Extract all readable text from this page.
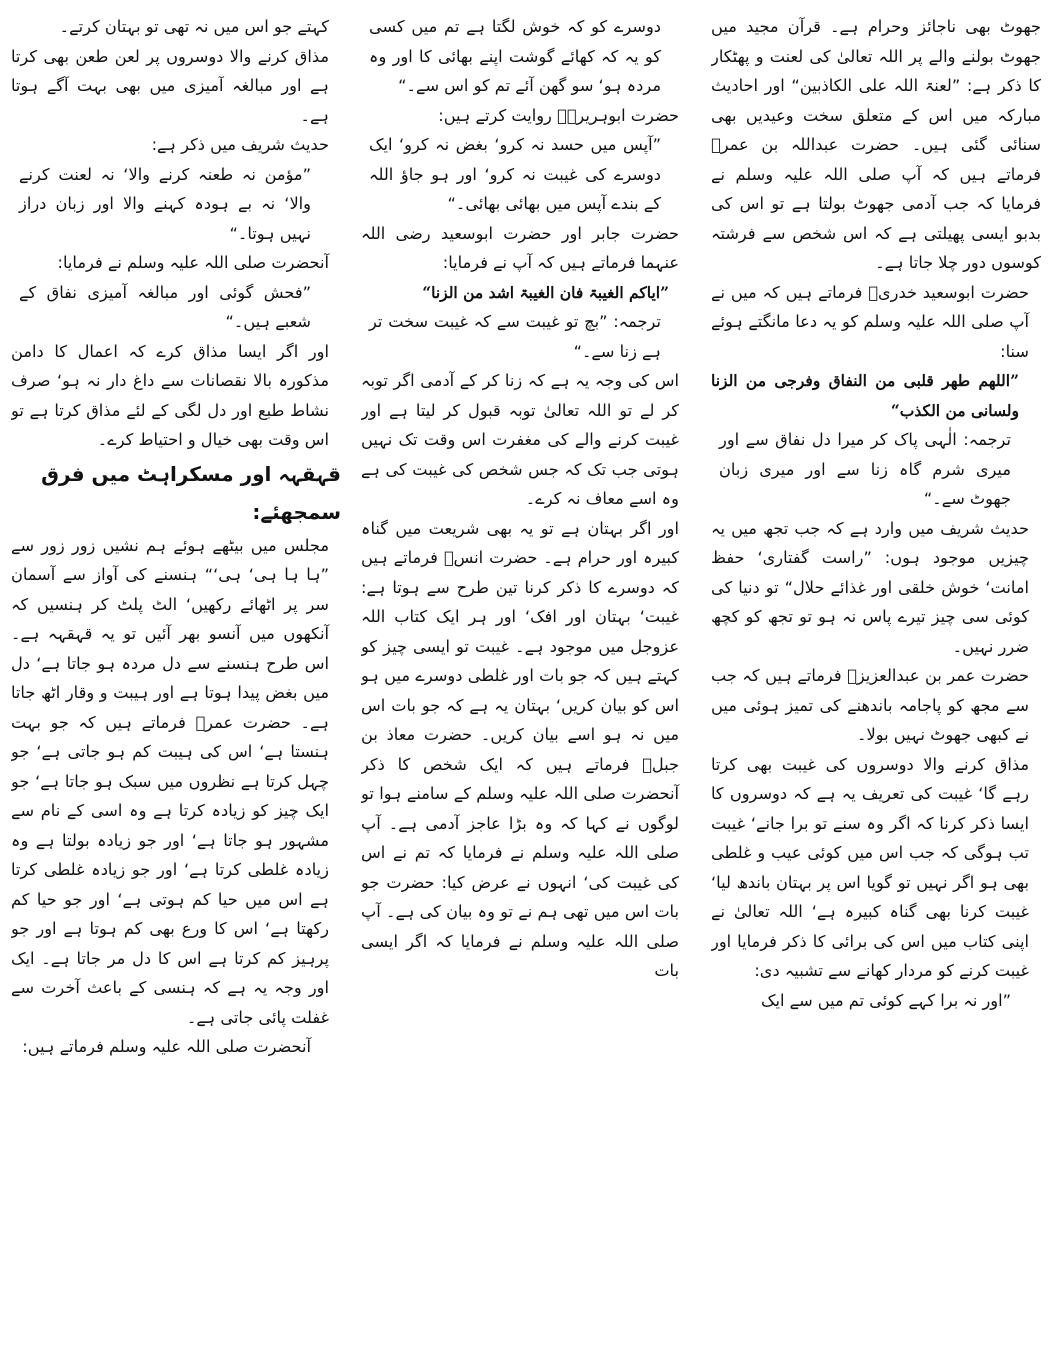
جھوٹ بھی ناجائز وحرام ہے۔ قرآن مجید میں جھوٹ بولنے والے پر اللہ تعالیٰ کی لعنت و پھٹکار کا ذکر ہے: ”لعنۃ اللہ علی الکاذبین“ اور احادیث مبارکہ میں اس کے متعلق سخت وعیدیں بھی سنائی گئی ہیں۔ حضرت عبداللہ بن عمرؓ فرماتے ہیں کہ آپ صلی اللہ علیہ وسلم نے فرمایا کہ جب آدمی جھوٹ بولتا ہے تو اس کی بدبو ایسی پھیلتی ہے کہ اس شخص سے فرشتہ کوسوں دور چلا جاتا ہے۔

حضرت ابوسعید خدریؓ فرماتے ہیں کہ میں نے آپ صلی اللہ علیہ وسلم کو یہ دعا مانگتے ہوئے سنا:

”اللھم طھر قلبی من النفاق وفرجی من الزنا ولسانی من الکذب“

ترجمہ: الٰہی پاک کر میرا دل نفاق سے اور میری شرم گاہ زنا سے اور میری زبان جھوٹ سے۔“

حدیث شریف میں وارد ہے کہ جب تجھ میں یہ چیزیں موجود ہوں: ”راست گفتاری‘ حفظ امانت‘ خوش خلقی اور غذائے حلال“ تو دنیا کی کوئی سی چیز تیرے پاس نہ ہو تو تجھ کو کچھ ضرر نہیں۔

حضرت عمر بن عبدالعزیزؒ فرماتے ہیں کہ جب سے مجھ کو پاجامہ باندھنے کی تمیز ہوئی میں نے کبھی جھوٹ نہیں بولا۔

مذاق کرنے والا دوسروں کی غیبت بھی کرتا رہے گا‘ غیبت کی تعریف یہ ہے کہ دوسروں کا ایسا ذکر کرنا کہ اگر وہ سنے تو برا جانے‘ غیبت تب ہوگی کہ جب اس میں کوئی عیب و غلطی بھی ہو اگر نہیں تو گویا اس پر بہتان باندھ لیا‘ غیبت کرنا بھی گناہ کبیرہ ہے‘ اللہ تعالیٰ نے اپنی کتاب میں اس کی برائی کا ذکر فرمایا اور غیبت کرنے کو مردار کھانے سے تشبیہ دی:

”اور نہ برا کہے کوئی تم میں سے ایک

دوسرے کو کہ خوش لگتا ہے تم میں کسی کو یہ کہ کھائے گوشت اپنے بھائی کا اور وہ مردہ ہو‘ سو گھن آئے تم کو اس سے۔“

حضرت ابوہریرہؓ روایت کرتے ہیں:

”آپس میں حسد نہ کرو‘ بغض نہ کرو‘ ایک دوسرے کی غیبت نہ کرو‘ اور ہو جاؤ اللہ کے بندے آپس میں بھائی بھائی۔“

حضرت جابر اور حضرت ابوسعید رضی اللہ عنہما فرماتے ہیں کہ آپ نے فرمایا:

”ایاکم الغیبۃ فان الغیبۃ اشد من الزنا“

ترجمہ: ”بچ تو غیبت سے کہ غیبت سخت تر ہے زنا سے۔“

اس کی وجہ یہ ہے کہ زنا کر کے آدمی اگر توبہ کر لے تو اللہ تعالیٰ توبہ قبول کر لیتا ہے اور غیبت کرنے والے کی مغفرت اس وقت تک نہیں ہوتی جب تک کہ جس شخص کی غیبت کی ہے وہ اسے معاف نہ کرے۔

اور اگر بہتان ہے تو یہ بھی شریعت میں گناہ کبیرہ اور حرام ہے۔ حضرت انسؓ فرماتے ہیں کہ دوسرے کا ذکر کرنا تین طرح سے ہوتا ہے: غیبت‘ بہتان اور افک‘ اور ہر ایک کتاب اللہ عزوجل میں موجود ہے۔ غیبت تو ایسی چیز کو کہتے ہیں کہ جو بات اور غلطی دوسرے میں ہو اس کو بیان کریں‘ بہتان یہ ہے کہ جو بات اس میں نہ ہو اسے بیان کریں۔ حضرت معاذ بن جبلؓ فرماتے ہیں کہ ایک شخص کا ذکر آنحضرت صلی اللہ علیہ وسلم کے سامنے ہوا تو لوگوں نے کہا کہ وہ بڑا عاجز آدمی ہے۔ آپ صلی اللہ علیہ وسلم نے فرمایا کہ تم نے اس کی غیبت کی‘ انہوں نے عرض کیا: حضرت جو بات اس میں تھی ہم نے تو وہ بیان کی ہے۔ آپ صلی اللہ علیہ وسلم نے فرمایا کہ اگر ایسی بات

کہتے جو اس میں نہ تھی تو بہتان کرتے۔

مذاق کرنے والا دوسروں پر لعن طعن بھی کرتا ہے اور مبالغہ آمیزی میں بھی بہت آگے ہوتا ہے۔

حدیث شریف میں ذکر ہے:

”مؤمن نہ طعنہ کرنے والا‘ نہ لعنت کرنے والا‘ نہ بے ہودہ کہنے والا اور زبان دراز نہیں ہوتا۔“

آنحضرت صلی اللہ علیہ وسلم نے فرمایا:

”فحش گوئی اور مبالغہ آمیزی نفاق کے شعبے ہیں۔“

اور اگر ایسا مذاق کرے کہ اعمال کا دامن مذکورہ بالا نقصانات سے داغ دار نہ ہو‘ صرف نشاط طبع اور دل لگی کے لئے مذاق کرتا ہے تو اس وقت بھی خیال و احتیاط کرے۔

قہقہہ اور مسکراہٹ میں فرق سمجھئے:

مجلس میں بیٹھے ہوئے ہم نشیں زور زور سے ”ہا ہا ہی‘ ہی‘“ ہنسنے کی آواز سے آسمان سر پر اٹھائے رکھیں‘ الٹ پلٹ کر ہنسیں کہ آنکھوں میں آنسو بھر آئیں تو یہ قہقہہ ہے۔ اس طرح ہنسنے سے دل مردہ ہو جاتا ہے‘ دل میں بغض پیدا ہوتا ہے اور ہیبت و وقار اٹھ جاتا ہے۔ حضرت عمرؓ فرماتے ہیں کہ جو بہت ہنستا ہے‘ اس کی ہیبت کم ہو جاتی ہے‘ جو چہل کرتا ہے نظروں میں سبک ہو جاتا ہے‘ جو ایک چیز کو زیادہ کرتا ہے وہ اسی کے نام سے مشہور ہو جاتا ہے‘ اور جو زیادہ بولتا ہے وہ زیادہ غلطی کرتا ہے‘ اور جو زیادہ غلطی کرتا ہے اس میں حیا کم ہوتی ہے‘ اور جو حیا کم رکھتا ہے‘ اس کا ورع بھی کم ہوتا ہے اور جو پرہیز کم کرتا ہے اس کا دل مر جاتا ہے۔ ایک اور وجہ یہ ہے کہ ہنسی کے باعث آخرت سے غفلت پائی جاتی ہے۔

آنحضرت صلی اللہ علیہ وسلم فرماتے ہیں:
